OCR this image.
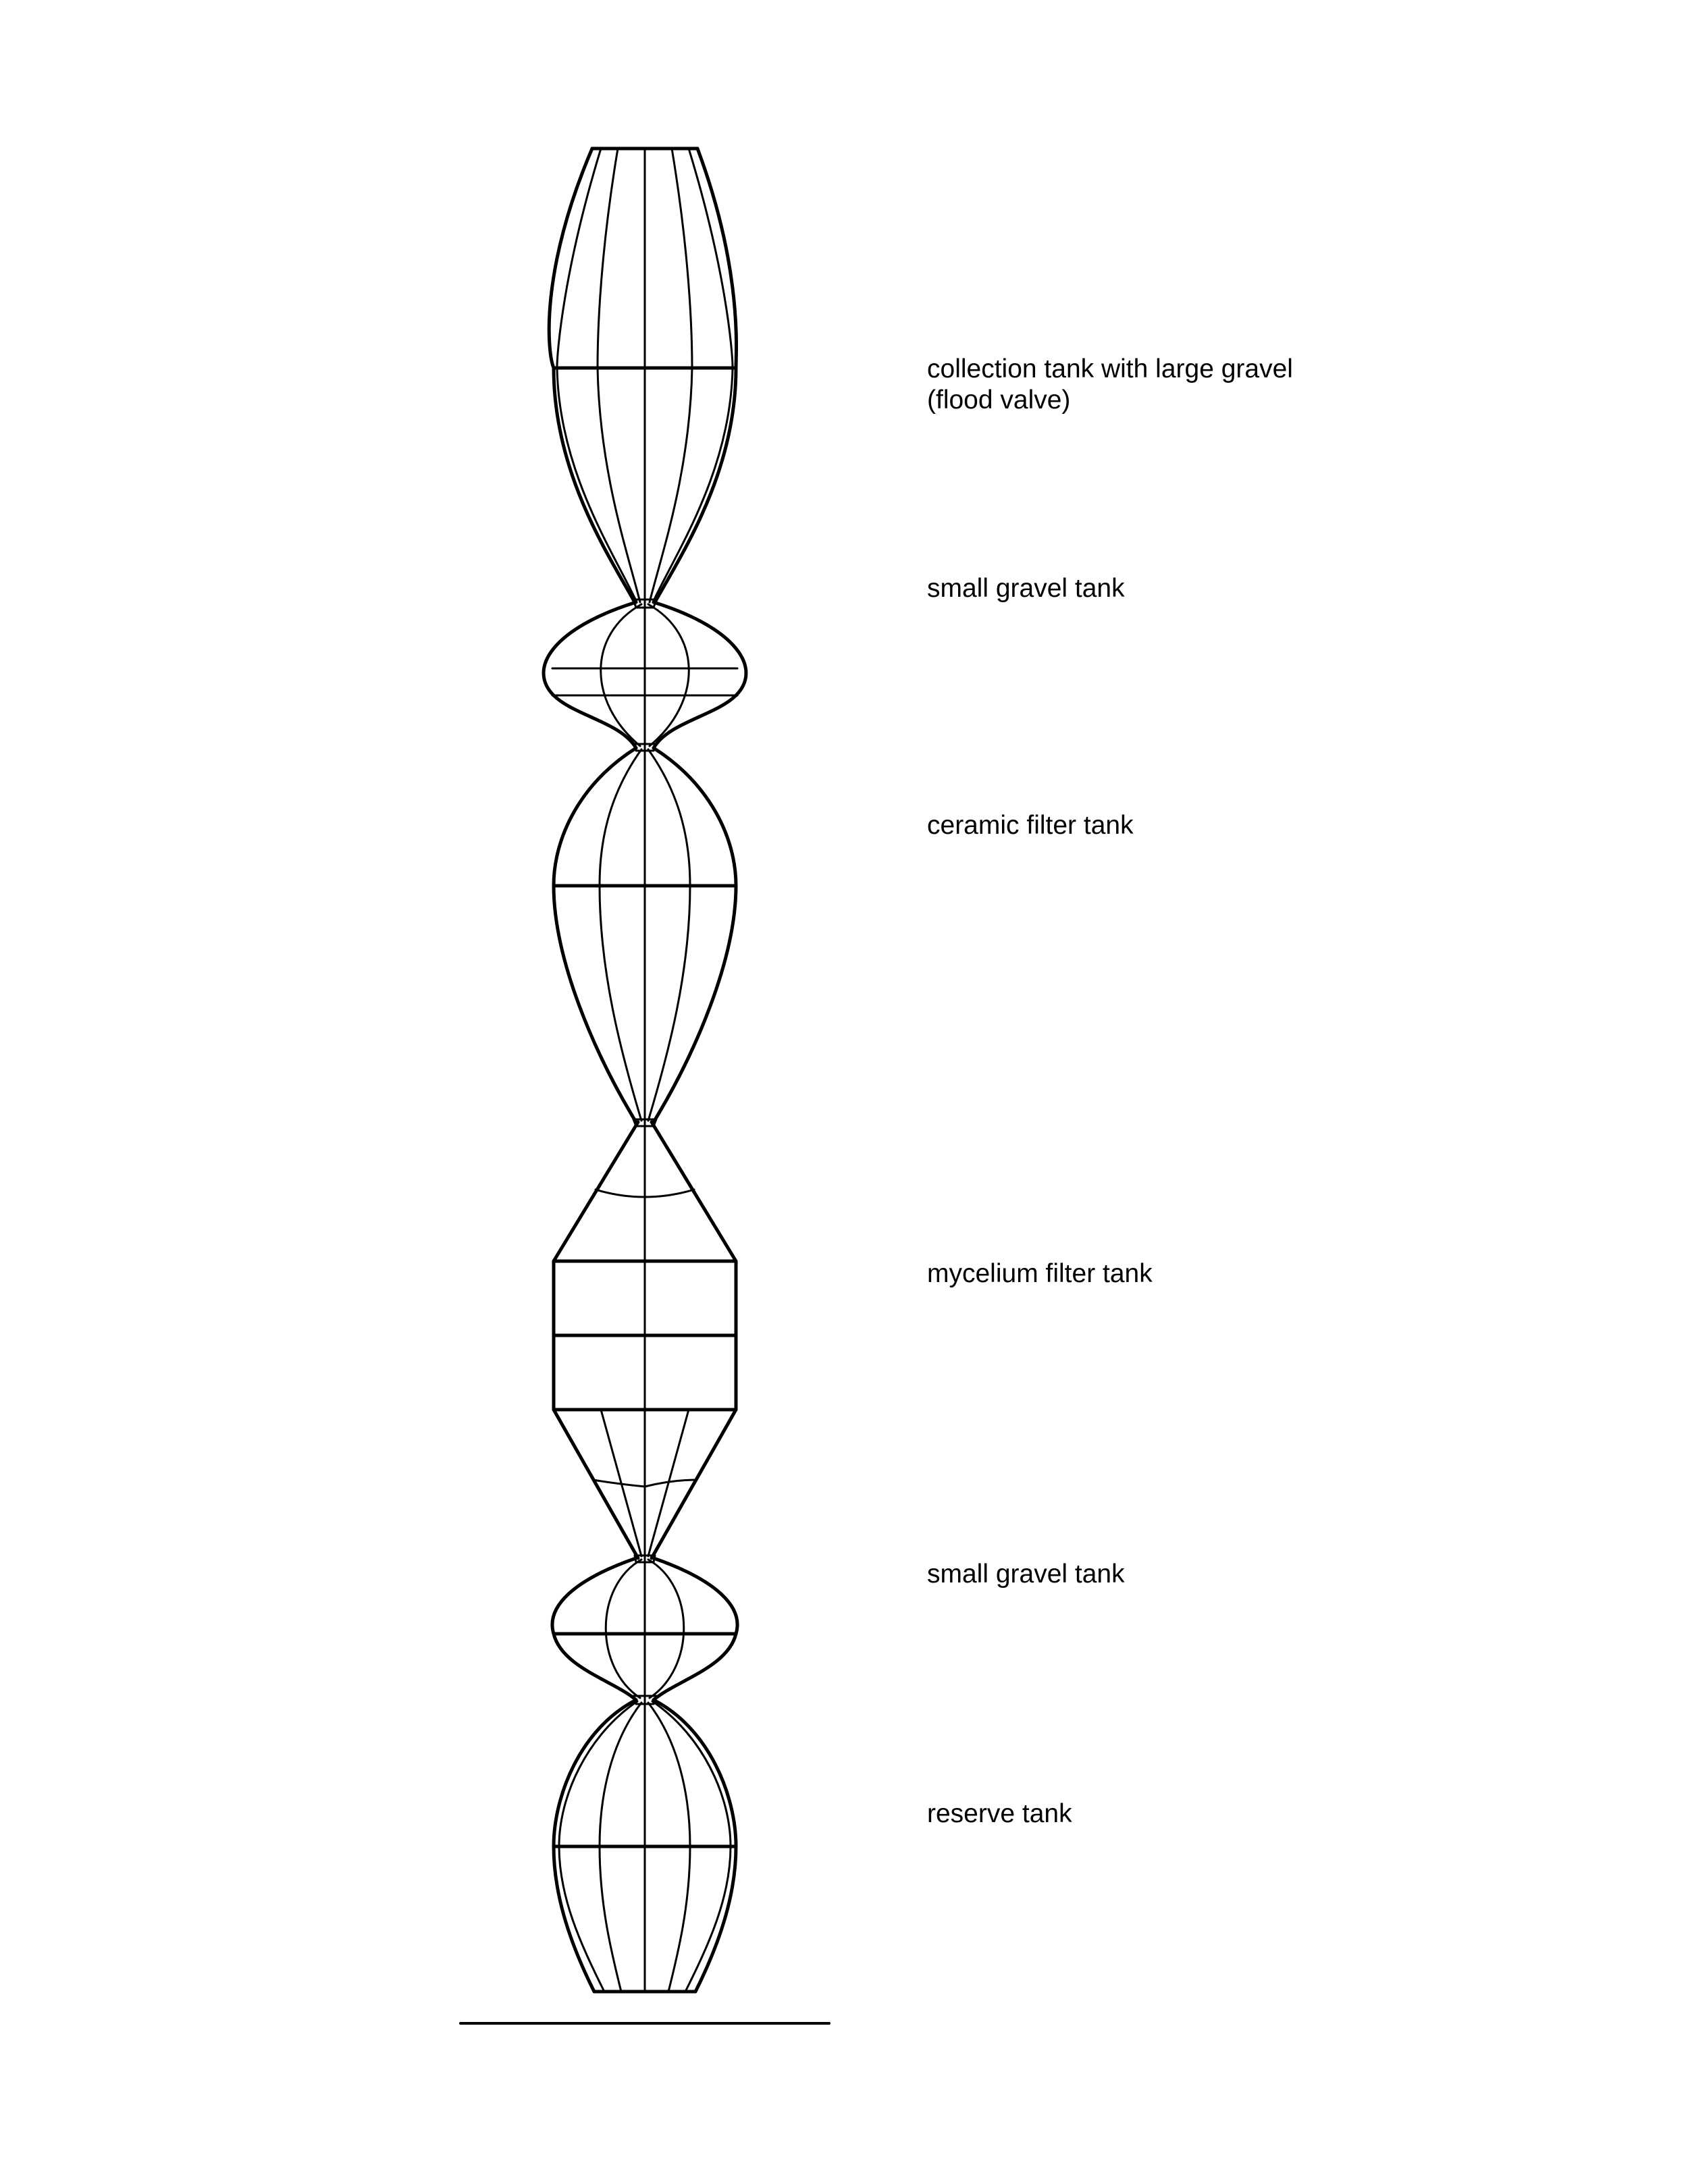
collection tank with large gravel

(flood valve)

small gravel tank

ceramic filter tank

mycelium filter tank

small gravel tank

reserve tank
